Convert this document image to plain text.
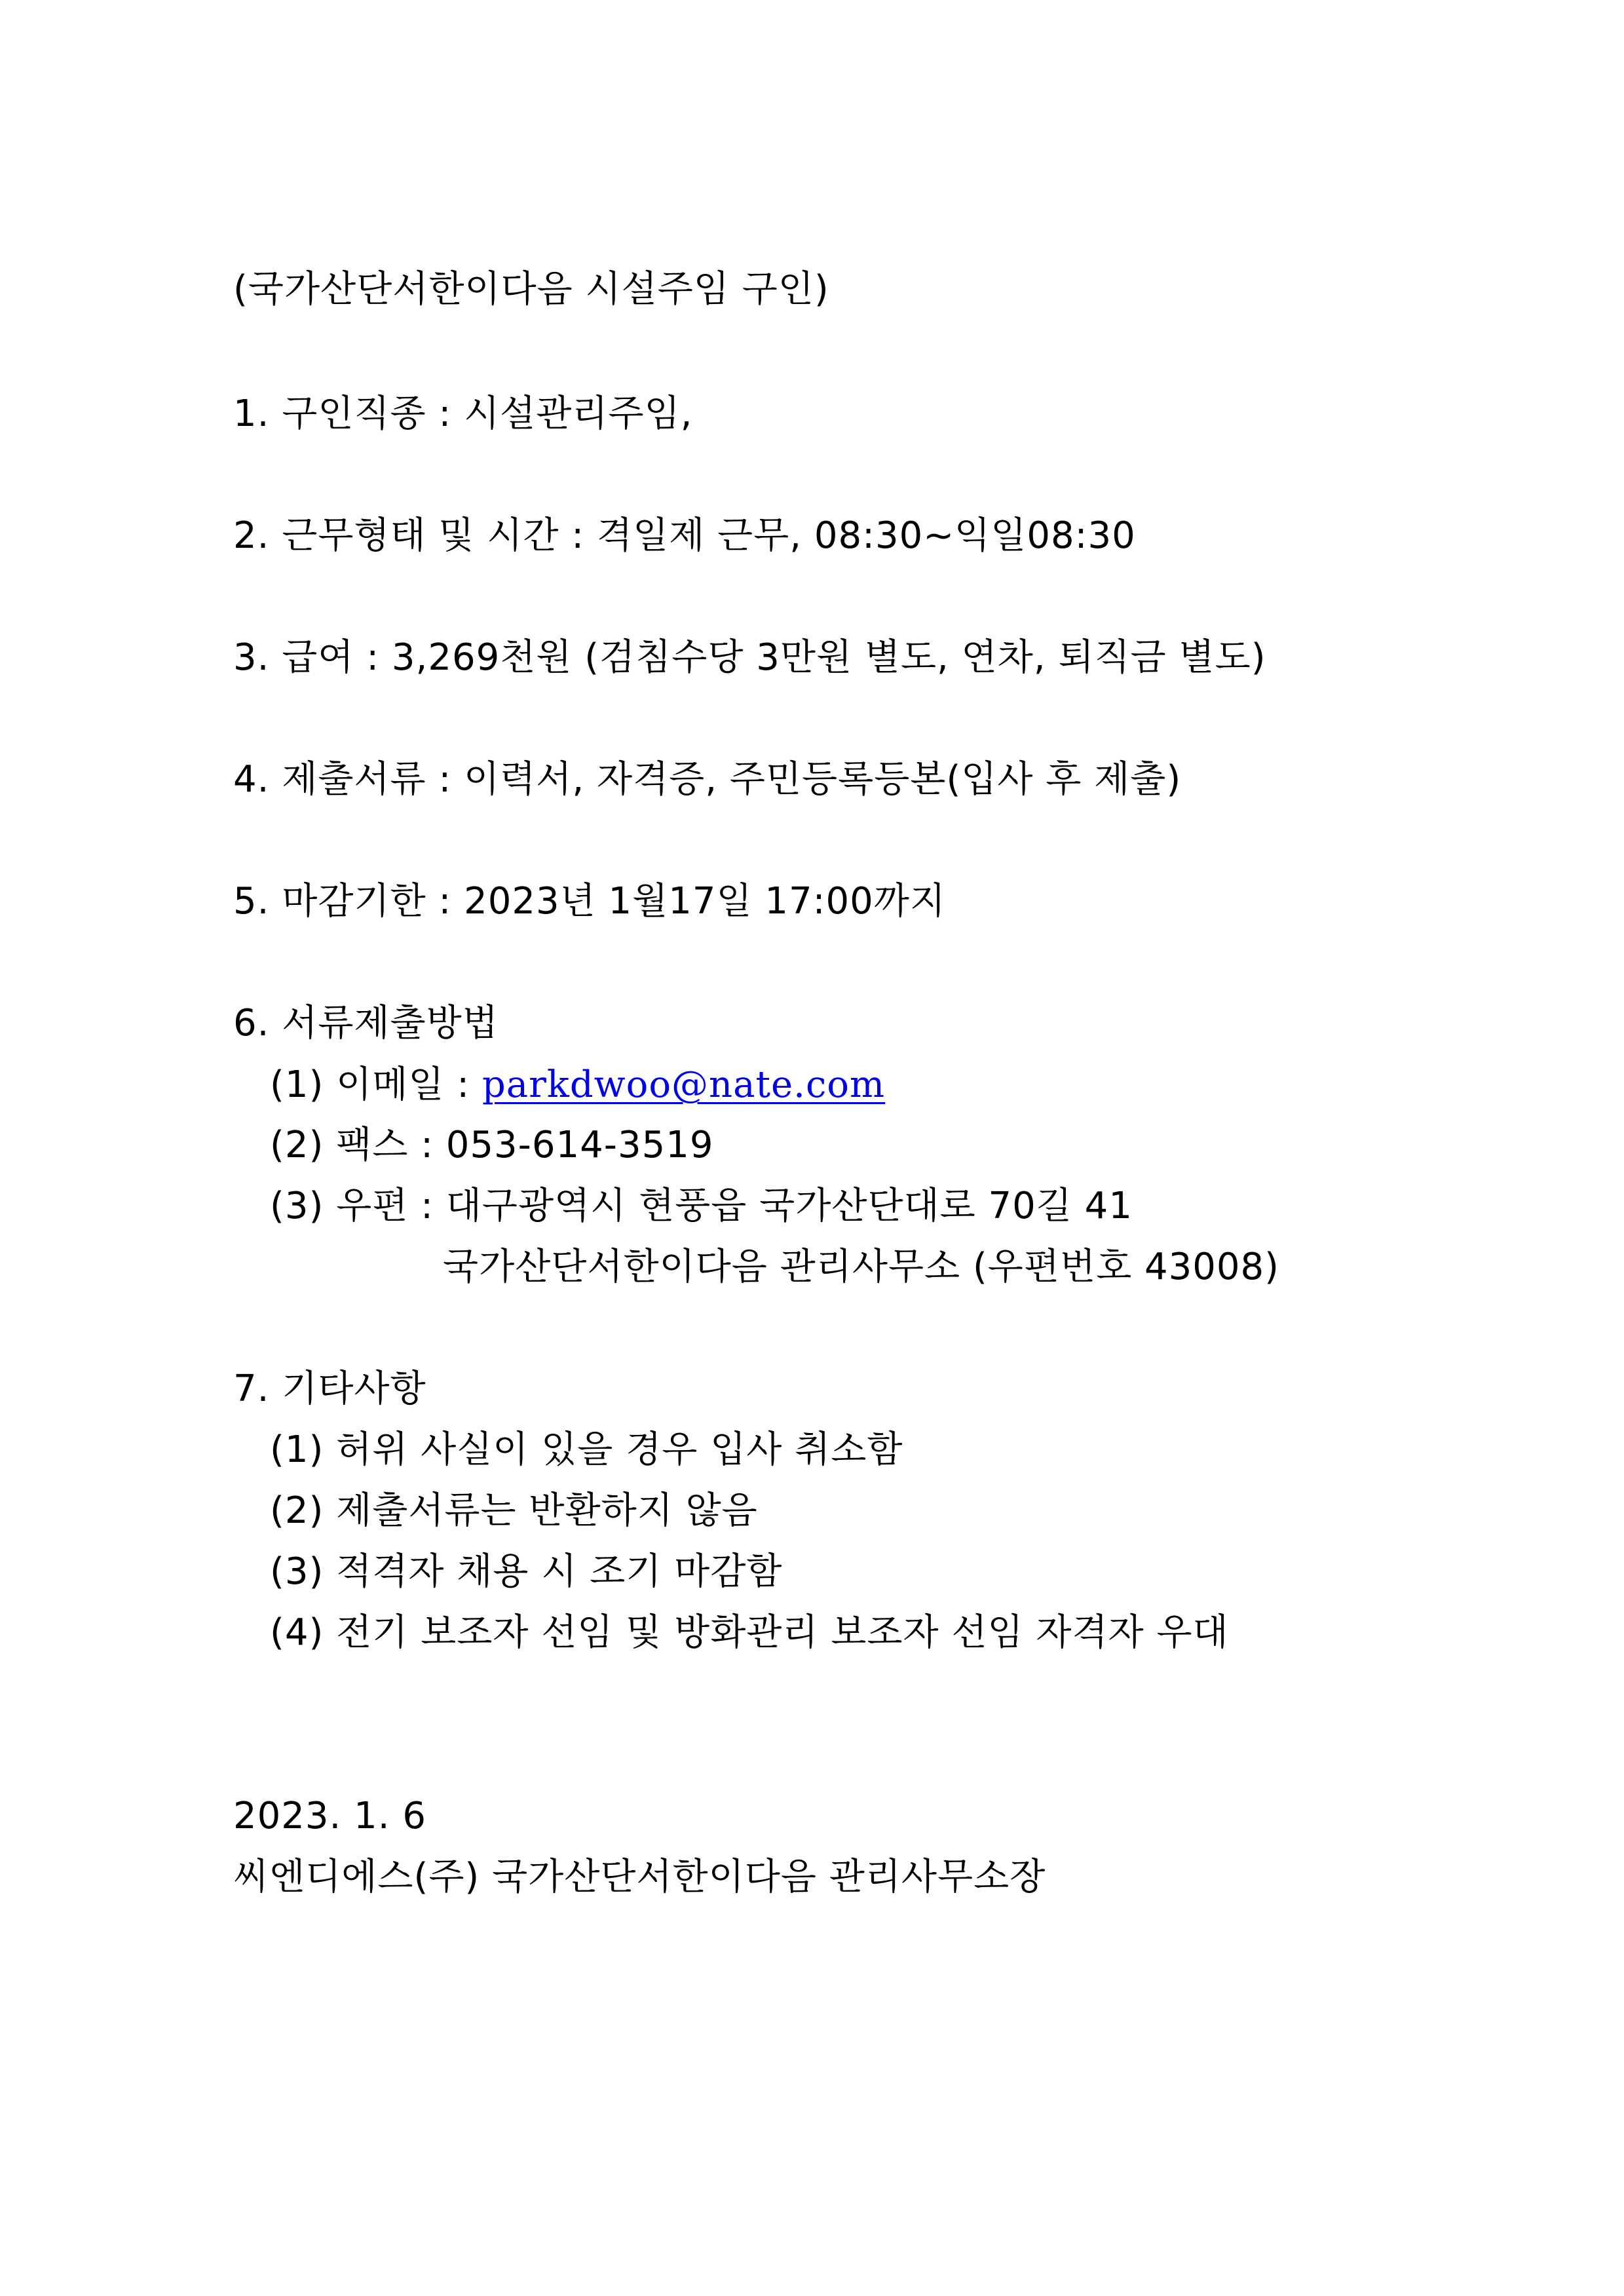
(국가산단서한이다음 시설주임 구인)
1. 구인직종 : 시설관리주임,
2. 근무형태 및 시간 : 격일제 근무, 08:30~익일08:30
3. 급여 : 3,269천원 (검침수당 3만원 별도, 연차, 퇴직금 별도)
4. 제출서류 : 이력서, 자격증, 주민등록등본(입사 후 제출)
5. 마감기한 : 2023년 1월17일 17:00까지
6. 서류제출방법
(1) 이메일 : parkdwoo@nate.com
(2) 팩스 : 053-614-3519
(3) 우편 : 대구광역시 현풍읍 국가산단대로 70길 41
국가산단서한이다음 관리사무소 (우편번호 43008)
7. 기타사항
(1) 허위 사실이 있을 경우 입사 취소함
(2) 제출서류는 반환하지 않음
(3) 적격자 채용 시 조기 마감함
(4) 전기 보조자 선임 및 방화관리 보조자 선임 자격자 우대
2023. 1. 6
씨엔디에스(주) 국가산단서한이다음 관리사무소장
